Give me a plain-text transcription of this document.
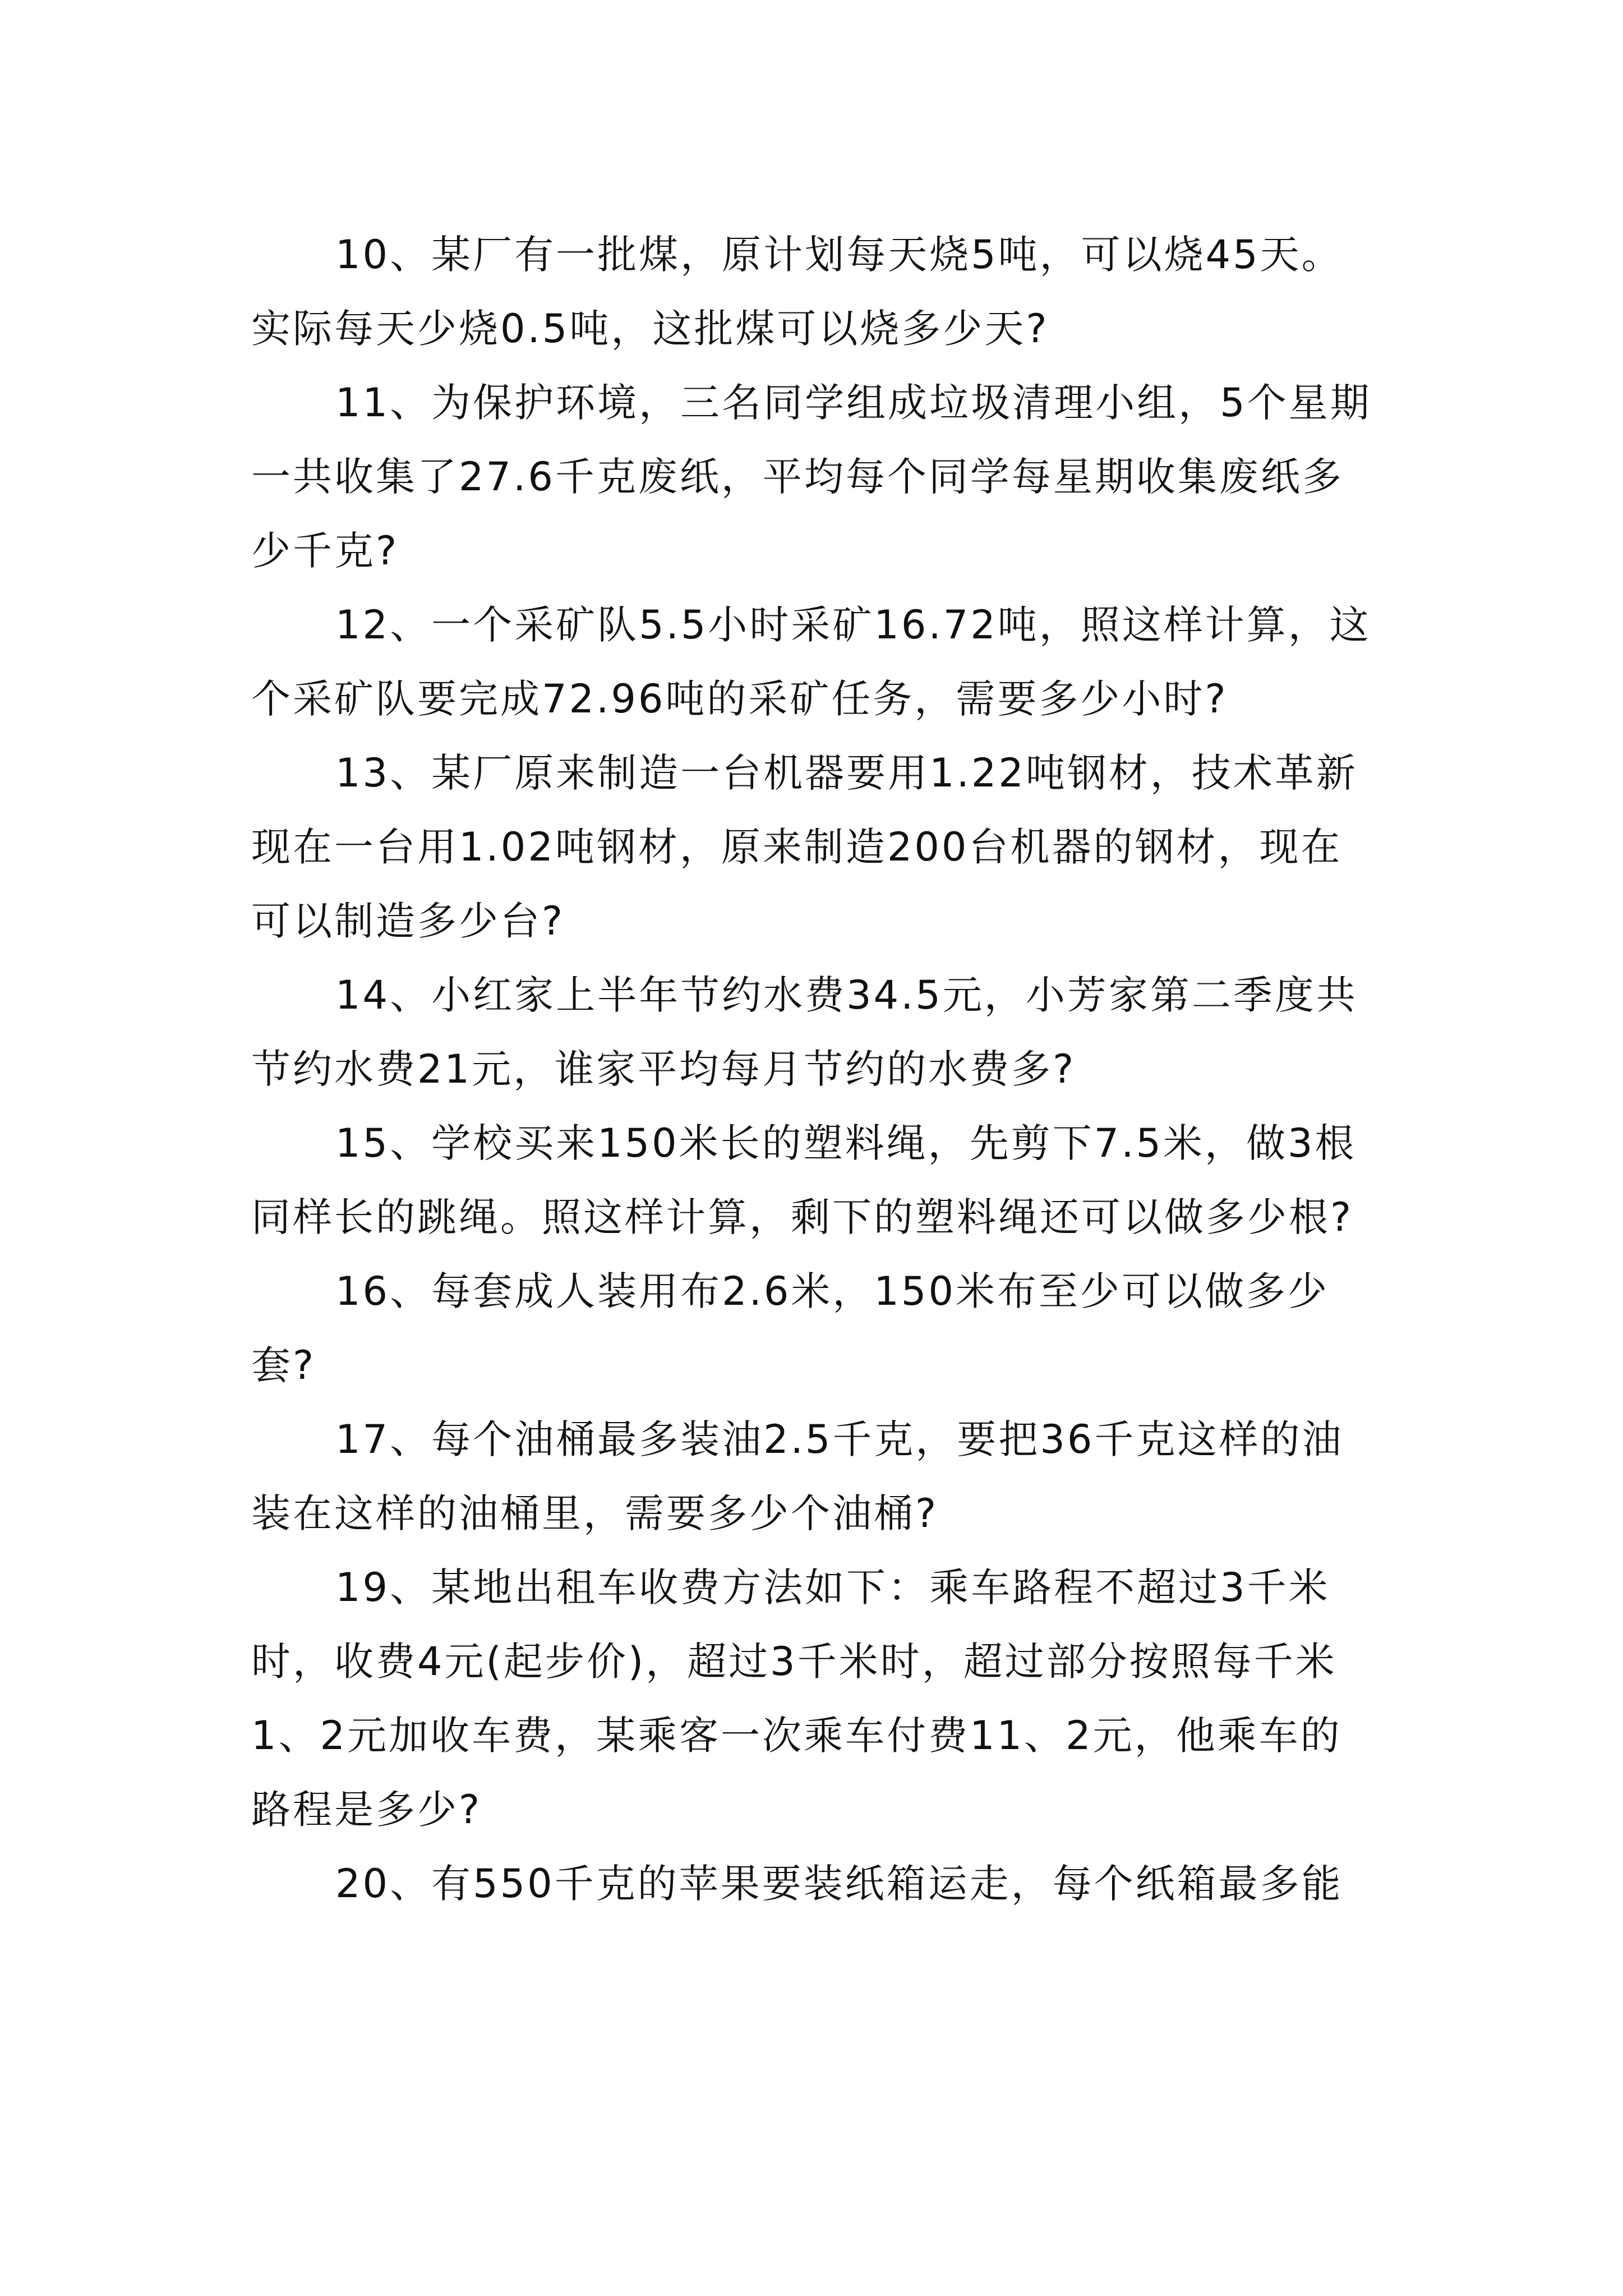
10、某厂有一批煤，原计划每天烧5吨，可以烧45天。实际每天少烧0.5吨，这批煤可以烧多少天?

11、为保护环境，三名同学组成垃圾清理小组，5个星期一共收集了27.6千克废纸，平均每个同学每星期收集废纸多少千克?

12、一个采矿队5.5小时采矿16.72吨，照这样计算，这个采矿队要完成72.96吨的采矿任务，需要多少小时?

13、某厂原来制造一台机器要用1.22吨钢材，技术革新现在一台用1.02吨钢材，原来制造200台机器的钢材，现在可以制造多少台?

14、小红家上半年节约水费34.5元，小芳家第二季度共节约水费21元，谁家平均每月节约的水费多?

15、学校买来150米长的塑料绳，先剪下7.5米，做3根同样长的跳绳。照这样计算，剩下的塑料绳还可以做多少根?

16、每套成人装用布2.6米，150米布至少可以做多少套?

17、每个油桶最多装油2.5千克，要把36千克这样的油装在这样的油桶里，需要多少个油桶?

19、某地出租车收费方法如下：乘车路程不超过3千米时，收费4元(起步价)，超过3千米时，超过部分按照每千米1、2元加收车费，某乘客一次乘车付费11、2元，他乘车的路程是多少?

20、有550千克的苹果要装纸箱运走，每个纸箱最多能
